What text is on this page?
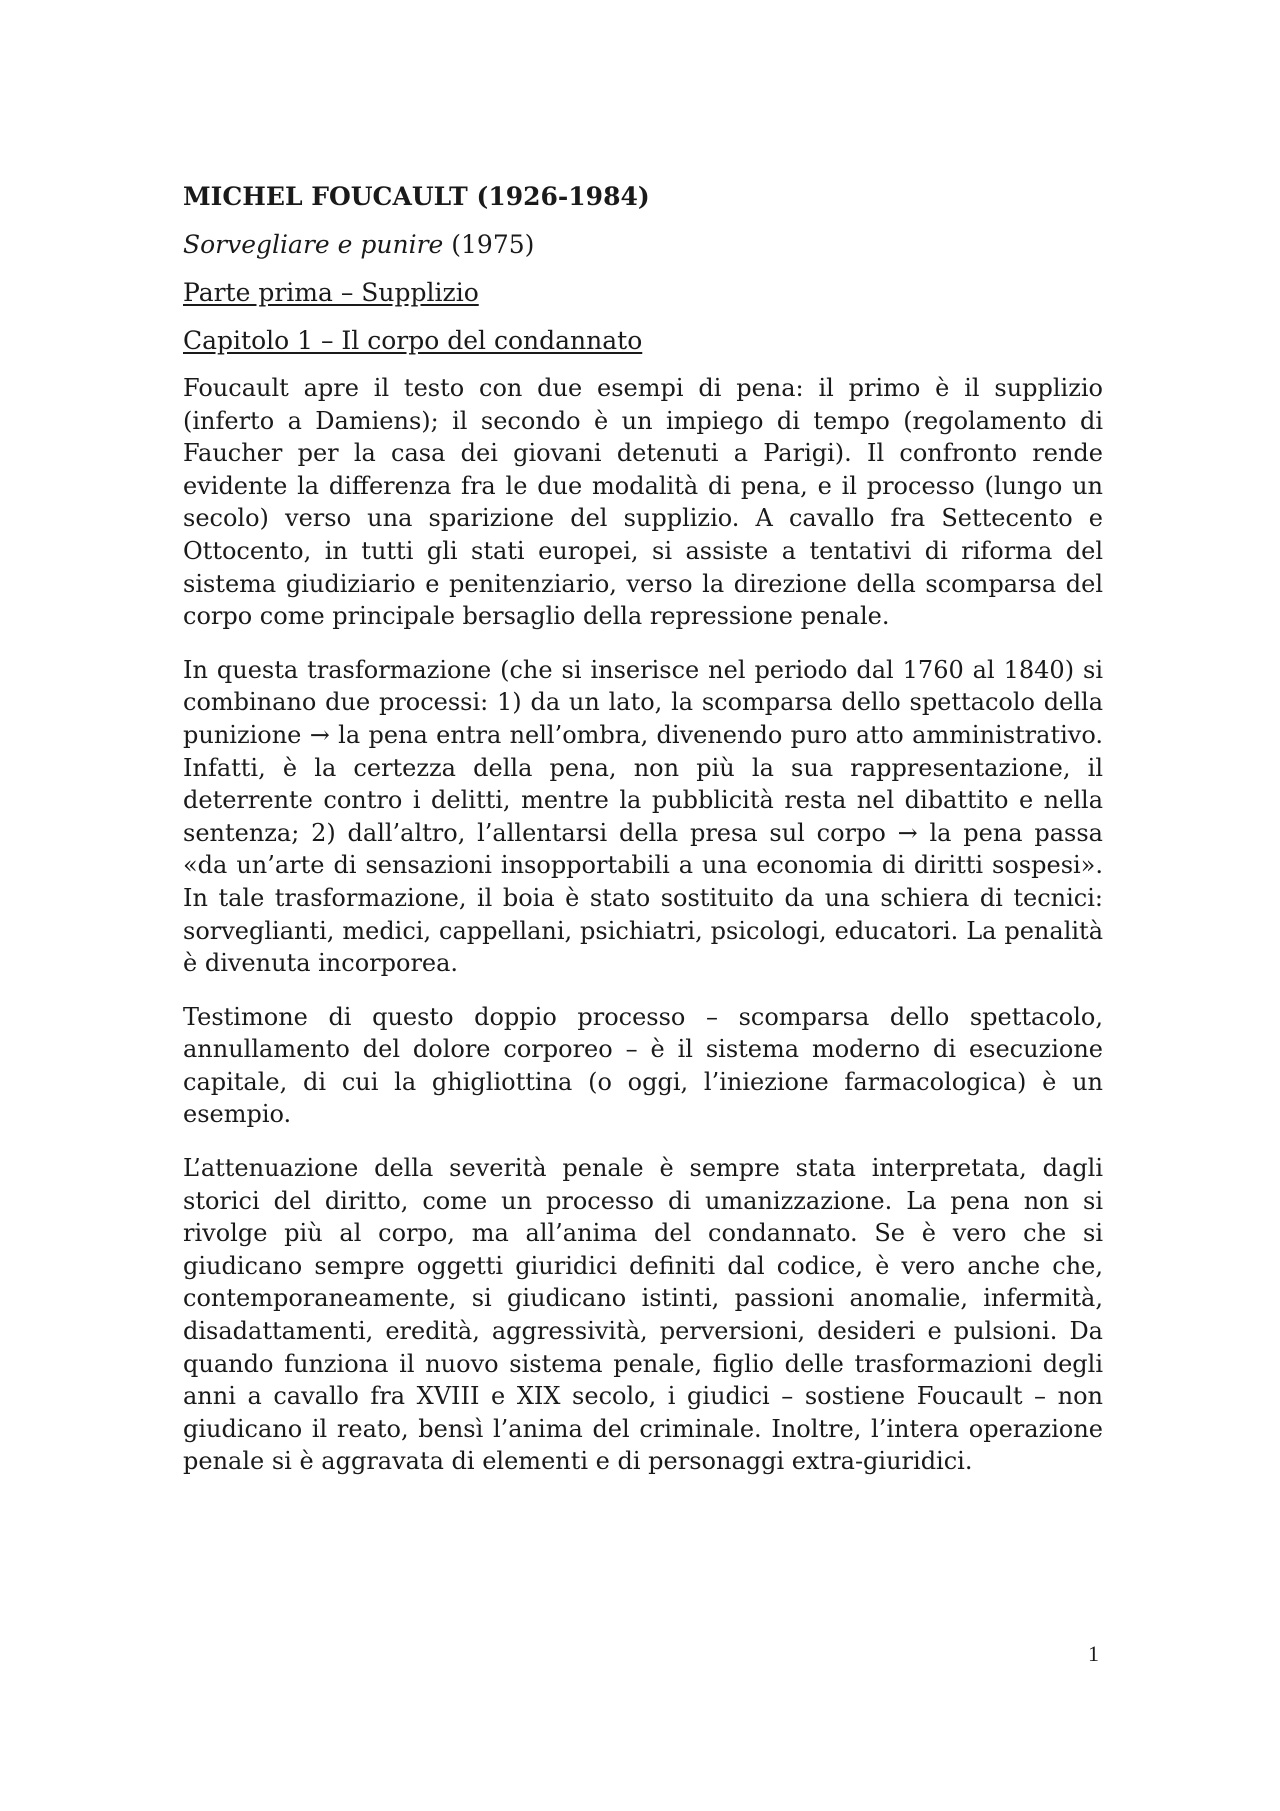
MICHEL FOUCAULT (1926-1984)
Sorvegliare e punire (1975)
Parte prima – Supplizio
Capitolo 1 – Il corpo del condannato

Foucault apre il testo con due esempi di pena: il primo è il supplizio (inferto a Damiens); il secondo è un impiego di tempo (regolamento di Faucher per la casa dei giovani detenuti a Parigi). Il confronto rende evidente la differenza fra le due modalità di pena, e il processo (lungo un secolo) verso una sparizione del supplizio. A cavallo fra Settecento e Ottocento, in tutti gli stati europei, si assiste a tentativi di riforma del sistema giudiziario e penitenziario, verso la direzione della scomparsa del corpo come principale bersaglio della repressione penale.

In questa trasformazione (che si inserisce nel periodo dal 1760 al 1840) si combinano due processi: 1) da un lato, la scomparsa dello spettacolo della punizione → la pena entra nell’ombra, divenendo puro atto amministrativo. Infatti, è la certezza della pena, non più la sua rappresentazione, il deterrente contro i delitti, mentre la pubblicità resta nel dibattito e nella sentenza; 2) dall’altro, l’allentarsi della presa sul corpo → la pena passa «da un’arte di sensazioni insopportabili a una economia di diritti sospesi». In tale trasformazione, il boia è stato sostituito da una schiera di tecnici: sorveglianti, medici, cappellani, psichiatri, psicologi, educatori. La penalità è divenuta incorporea.

Testimone di questo doppio processo – scomparsa dello spettacolo, annullamento del dolore corporeo – è il sistema moderno di esecuzione capitale, di cui la ghigliottina (o oggi, l’iniezione farmacologica) è un esempio.

L’attenuazione della severità penale è sempre stata interpretata, dagli storici del diritto, come un processo di umanizzazione. La pena non si rivolge più al corpo, ma all’anima del condannato. Se è vero che si giudicano sempre oggetti giuridici definiti dal codice, è vero anche che, contemporaneamente, si giudicano istinti, passioni anomalie, infermità, disadattamenti, eredità, aggressività, perversioni, desideri e pulsioni. Da quando funziona il nuovo sistema penale, figlio delle trasformazioni degli anni a cavallo fra XVIII e XIX secolo, i giudici – sostiene Foucault – non giudicano il reato, bensì l’anima del criminale. Inoltre, l’intera operazione penale si è aggravata di elementi e di personaggi extra-giuridici.

1
